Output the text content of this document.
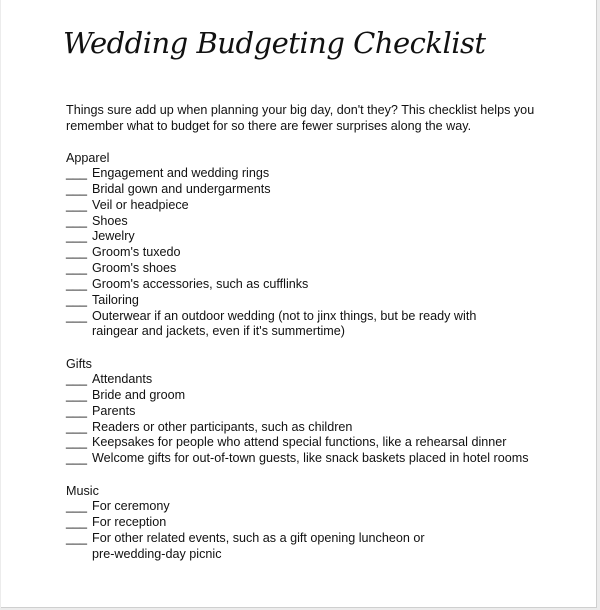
Wedding Budgeting Checklist
Things sure add up when planning your big day, don't they? This checklist helps you
remember what to budget for so there are fewer surprises along the way.
Apparel
___ Engagement and wedding rings
___ Bridal gown and undergarments
___ Veil or headpiece
___ Shoes
___ Jewelry
___ Groom's tuxedo
___ Groom's shoes
___ Groom's accessories, such as cufflinks
___ Tailoring
___ Outerwear if an outdoor wedding (not to jinx things, but be ready with
raingear and jackets, even if it's summertime)
Gifts
___ Attendants
___ Bride and groom
___ Parents
___ Readers or other participants, such as children
___ Keepsakes for people who attend special functions, like a rehearsal dinner
___ Welcome gifts for out-of-town guests, like snack baskets placed in hotel rooms
Music
___ For ceremony
___ For reception
___ For other related events, such as a gift opening luncheon or
pre-wedding-day picnic
